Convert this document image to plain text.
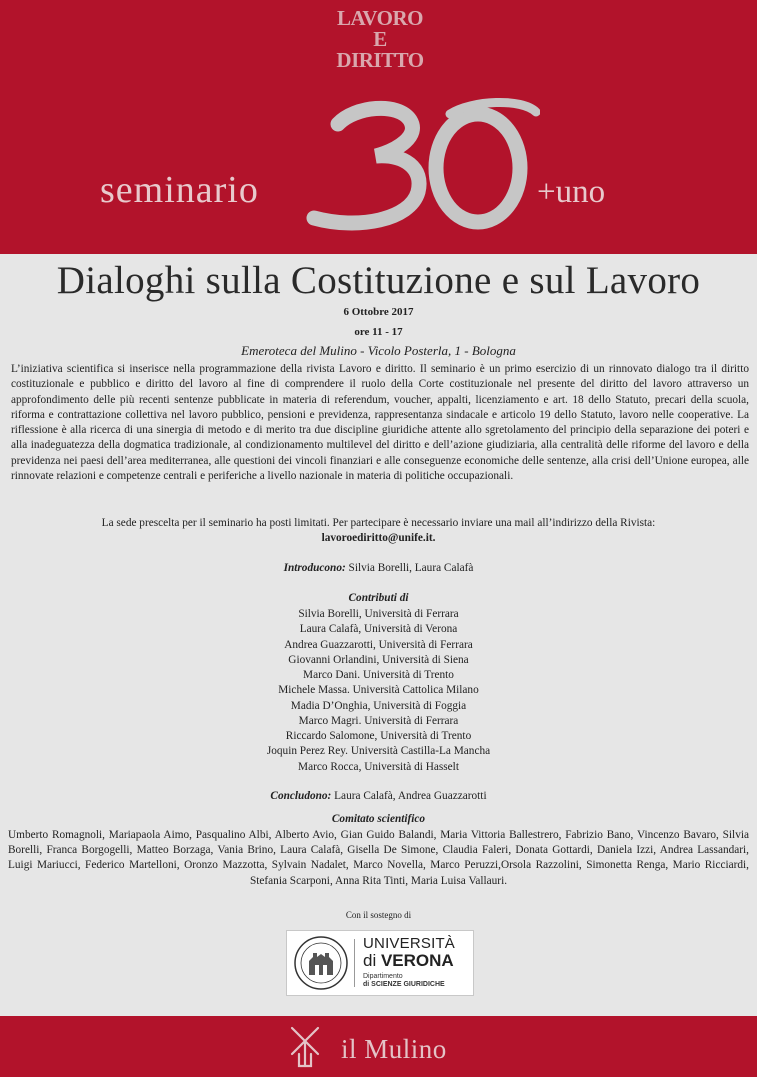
LAVORO
E
DIRITTO
seminario	+uno
Dialoghi sulla Costituzione e sul Lavoro
6 Ottobre 2017
ore 11 - 17
Emeroteca del Mulino - Vicolo Posterla, 1 - Bologna
L’iniziativa scientifica si inserisce nella programmazione della rivista Lavoro e diritto. Il seminario è un primo esercizio di un rinnovato dialogo tra il diritto costituzionale e pubblico e diritto del lavoro al fine di comprendere il ruolo della Corte costituzionale nel presente del diritto del lavoro attraverso un approfondimento delle più recenti sentenze pubblicate in materia di referendum, voucher, appalti, licenziamento e art. 18 dello Statuto, precari della scuola, riforma e contrattazione collettiva nel lavoro pubblico, pensioni e previdenza, rappresentanza sindacale e articolo 19 dello Statuto, lavoro nelle cooperative. La riflessione è alla ricerca di una sinergia di metodo e di merito tra due discipline giuridiche attente allo sgretolamento del principio della separazione dei poteri e alla inadeguatezza della dogmatica tradizionale, al condizionamento multilevel del diritto e dell’azione giudiziaria, alla centralità delle riforme del lavoro e della previdenza nei paesi dell’area mediterranea, alle questioni dei vincoli finanziari e alle conseguenze economiche delle sentenze, alla crisi dell’Unione europea, alle rinnovate relazioni e competenze centrali e periferiche a livello nazionale in materia di politiche occupazionali.
La sede prescelta per il seminario ha posti limitati. Per partecipare è necessario inviare una mail all’indirizzo della Rivista:
lavoroediritto@unife.it.
Introducono: Silvia Borelli, Laura Calafà
Contributi di
Silvia Borelli, Università di Ferrara
Laura Calafà, Università di Verona
Andrea Guazzarotti, Università di Ferrara
Giovanni Orlandini, Università di Siena
Marco Dani. Università di Trento
Michele Massa. Università Cattolica Milano
Madia D’Onghia, Università di Foggia
Marco Magri. Università di Ferrara
Riccardo Salomone, Università di Trento
Joquin Perez Rey. Università Castilla-La Mancha
Marco Rocca, Università di Hasselt
Concludono: Laura Calafà, Andrea Guazzarotti
Comitato scientifico
Umberto Romagnoli, Mariapaola Aimo, Pasqualino Albi, Alberto Avio, Gian Guido Balandi, Maria Vittoria Ballestrero, Fabrizio Bano, Vincenzo Bavaro, Silvia Borelli, Franca Borgogelli, Matteo Borzaga, Vania Brino, Laura Calafà, Gisella De Simone, Claudia Faleri, Donata Gottardi, Daniela Izzi, Andrea Lassandari, Luigi Mariucci, Federico Martelloni, Oronzo Mazzotta, Sylvain Nadalet, Marco Novella, Marco Peruzzi,Orsola Razzolini, Simonetta Renga, Mario Ricciardi, Stefania Scarponi, Anna Rita Tinti, Maria Luisa Vallauri.
Con il sostegno di
UNIVERSITÀ
di VERONA
Dipartimento
di SCIENZE GIURIDICHE
il Mulino
